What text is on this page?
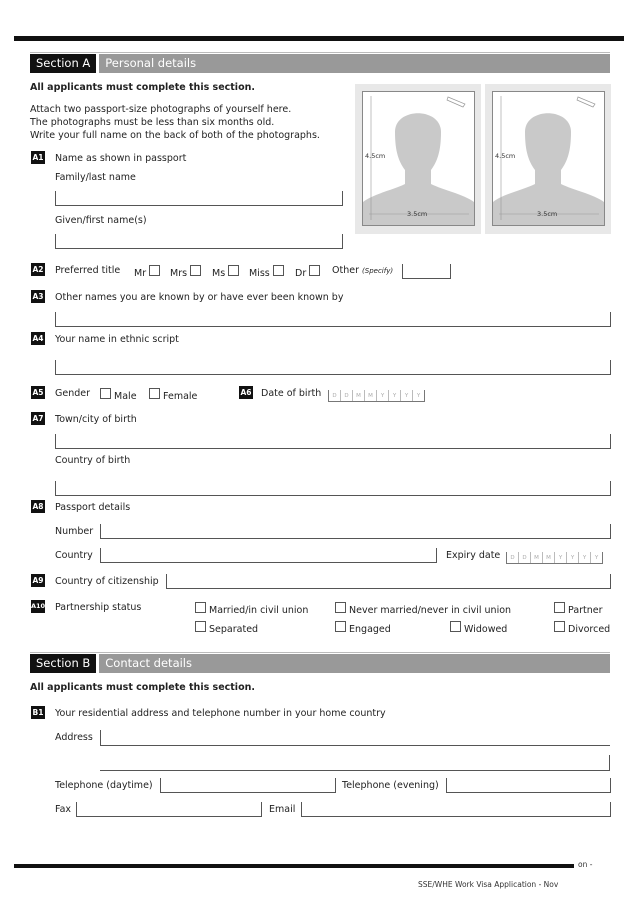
Section A	Personal details
All applicants must complete this section.
Attach two passport-size photographs of yourself here.
The photographs must be less than six months old.
Write your full name on the back of both of the photographs.
4.5cm
3.5cm
4.5cm
3.5cm
A1 Name as shown in passport
Family/last name
Given/first name(s)
A2 Preferred title Mr	Mrs	Ms	Miss	Dr	Other (Specify)
A3 Other names you are known by or have ever been known by
A4 Your name in ethnic script
A5 Gender	Male	Female	A6 Date of birth	D	D	M	M	Y	Y	Y	Y
A7 Town/city of birth
Country of birth
A8 Passport details
Number
Country	Expiry date	D	D	M	M	Y	Y	Y	Y
A9 Country of citizenship
A10 Partnership status	Married/in civil union	Never married/never in civil union	Partner
Separated	Engaged	Widowed	Divorced
Section B	Contact details
All applicants must complete this section.
B1 Your residential address and telephone number in your home country
Address
Telephone (daytime)	Telephone (evening)
Fax	Email
on -
SSE/WHE Work Visa Application - Nov
